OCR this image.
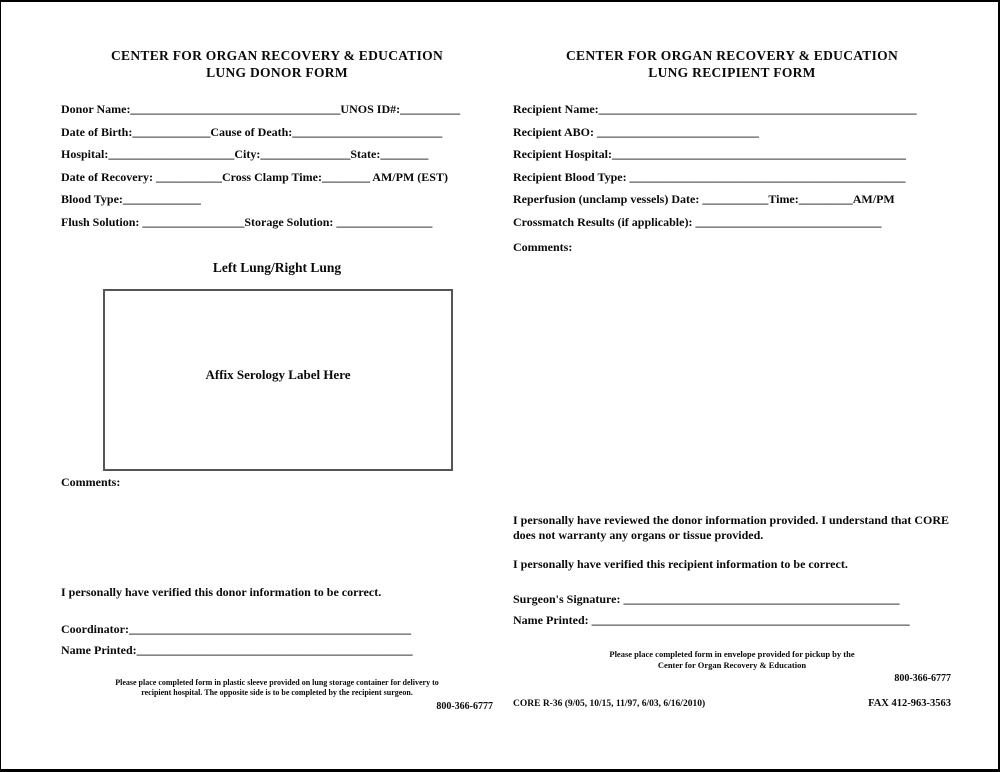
CENTER FOR ORGAN RECOVERY & EDUCATION
LUNG DONOR FORM
Donor Name:___________________________________UNOS ID#:__________
Date of Birth:_____________Cause of Death:_________________________
Hospital:_____________________City:_______________State:________
Date of Recovery: ___________Cross Clamp Time:________ AM/PM (EST)
Blood Type:_____________
Flush Solution: _________________Storage Solution: ________________
Left Lung/Right Lung
Affix Serology Label Here
Comments:
I personally have verified this donor information to be correct.
Coordinator:_______________________________________________
Name Printed:______________________________________________
Please place completed form in plastic sleeve provided on lung storage container for delivery to
recipient hospital. The opposite side is to be completed by the recipient surgeon.
800-366-6777
CENTER FOR ORGAN RECOVERY & EDUCATION
LUNG RECIPIENT FORM
Recipient Name:_____________________________________________________
Recipient ABO: ___________________________
Recipient Hospital:_________________________________________________
Recipient Blood Type: ______________________________________________
Reperfusion (unclamp vessels) Date: ___________Time:_________AM/PM
Crossmatch Results (if applicable): _______________________________
Comments:
I personally have reviewed the donor information provided. I understand that CORE does not warranty any organs or tissue provided.
I personally have verified this recipient information to be correct.
Surgeon's Signature: ______________________________________________
Name Printed: _____________________________________________________
Please place completed form in envelope provided for pickup by the
Center for Organ Recovery & Education
800-366-6777
CORE R-36 (9/05, 10/15, 11/97, 6/03, 6/16/2010)	FAX 412-963-3563
